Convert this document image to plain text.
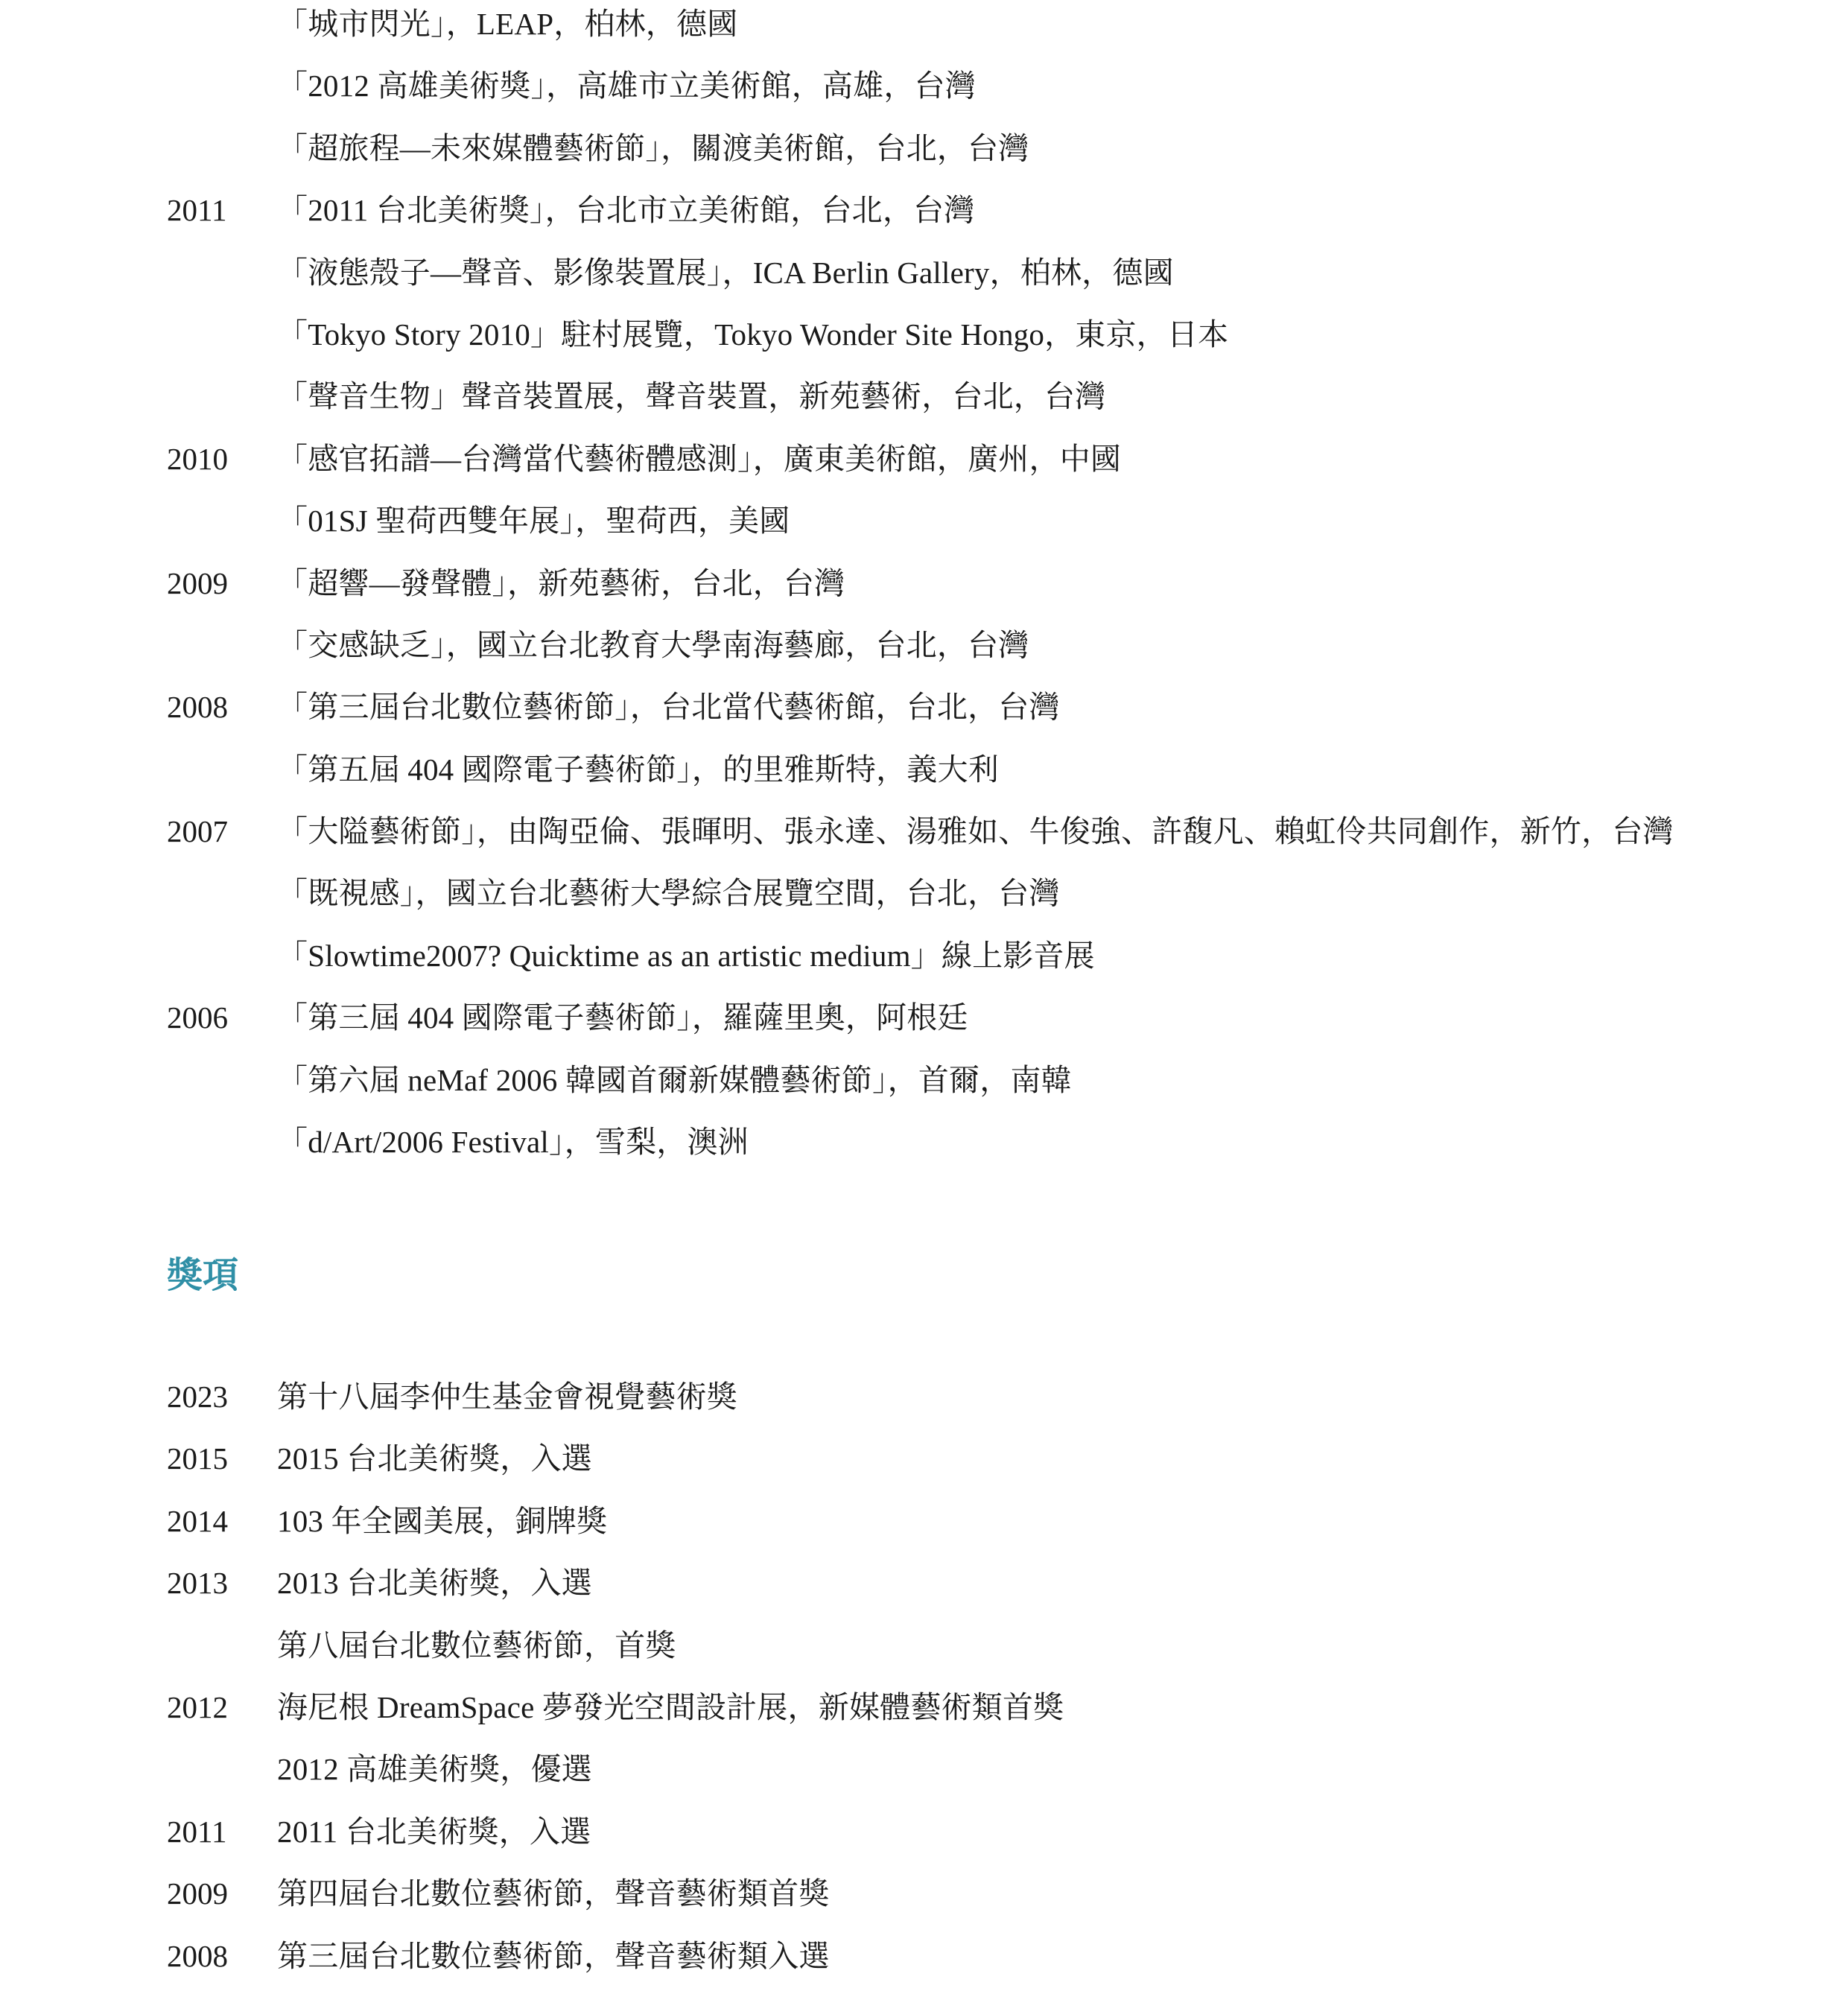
「城市閃光」，LEAP，柏林，德國
「2012 高雄美術獎」，高雄市立美術館，高雄，台灣
「超旅程—未來媒體藝術節」，關渡美術館，台北，台灣
2011	「2011 台北美術獎」，台北市立美術館，台北，台灣
「液態殼子—聲音、影像裝置展」，ICA Berlin Gallery，柏林，德國
「Tokyo Story 2010」駐村展覽，Tokyo Wonder Site Hongo，東京，日本
「聲音生物」聲音裝置展，聲音裝置，新苑藝術，台北，台灣
2010	「感官拓譜—台灣當代藝術體感測」，廣東美術館，廣州，中國
「01SJ 聖荷西雙年展」，聖荷西，美國
2009	「超響—發聲體」，新苑藝術，台北，台灣
「交感缺乏」，國立台北教育大學南海藝廊，台北，台灣
2008	「第三屆台北數位藝術節」，台北當代藝術館，台北，台灣
「第五屆 404 國際電子藝術節」，的里雅斯特，義大利
2007	「大隘藝術節」，由陶亞倫、張暉明、張永達、湯雅如、牛俊強、許馥凡、賴虹伶共同創作，新竹，台灣
「既視感」，國立台北藝術大學綜合展覽空間，台北，台灣
「Slowtime2007? Quicktime as an artistic medium」線上影音展
2006	「第三屆 404 國際電子藝術節」，羅薩里奧，阿根廷
「第六屆 neMaf 2006 韓國首爾新媒體藝術節」，首爾，南韓
「d/Art/2006 Festival」，雪梨，澳洲
獎項
2023	第十八屆李仲生基金會視覺藝術獎
2015	2015 台北美術獎，入選
2014	103 年全國美展，銅牌獎
2013	2013 台北美術獎，入選
第八屆台北數位藝術節，首獎
2012	海尼根 DreamSpace 夢發光空間設計展，新媒體藝術類首獎
2012 高雄美術獎，優選
2011	2011 台北美術獎，入選
2009	第四屆台北數位藝術節，聲音藝術類首獎
2008	第三屆台北數位藝術節，聲音藝術類入選
